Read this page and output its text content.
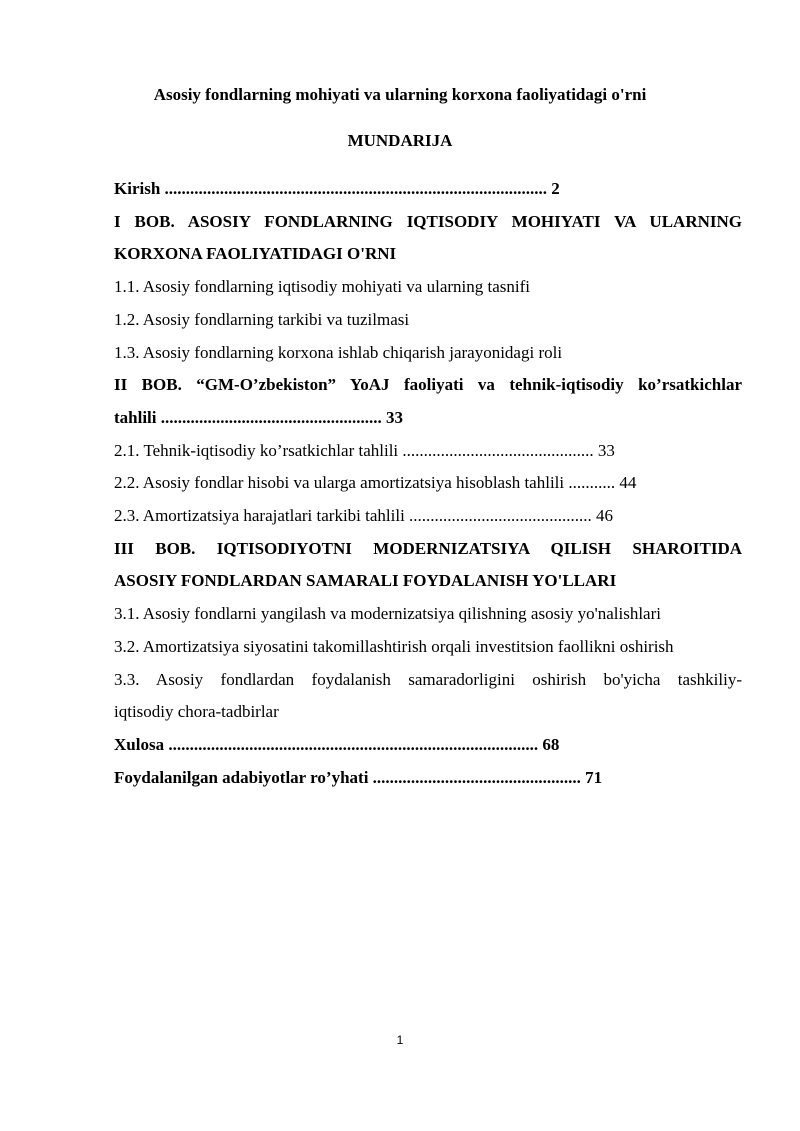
Asosiy fondlarning mohiyati va ularning korxona faoliyatidagi o'rni
MUNDARIJA

Kirish .......................................................................................... 2

I BOB. ASOSIY FONDLARNING IQTISODIY MOHIYATI VA ULARNING
KORXONA FAOLIYATIDAGI O'RNI

1.1. Asosiy fondlarning iqtisodiy mohiyati va ularning tasnifi

1.2. Asosiy fondlarning tarkibi va tuzilmasi

1.3. Asosiy fondlarning korxona ishlab chiqarish jarayonidagi roli

II BOB. “GM-O’zbekiston” YoAJ faoliyati va tehnik-iqtisodiy ko’rsatkichlar
tahlili .................................................... 33

2.1. Tehnik-iqtisodiy ko’rsatkichlar tahlili ............................................. 33

2.2. Asosiy fondlar hisobi va ularga amortizatsiya hisoblash tahlili ........... 44

2.3. Amortizatsiya harajatlari tarkibi tahlili ........................................... 46

III BOB. IQTISODIYOTNI MODERNIZATSIYA QILISH SHAROITIDA
ASOSIY FONDLARDAN SAMARALI FOYDALANISH YO'LLARI

3.1. Asosiy fondlarni yangilash va modernizatsiya qilishning asosiy yo'nalishlari

3.2. Amortizatsiya siyosatini takomillashtirish orqali investitsion faollikni oshirish

3.3. Asosiy fondlardan foydalanish samaradorligini oshirish bo'yicha tashkiliy-
iqtisodiy chora-tadbirlar

Xulosa ....................................................................................... 68

Foydalanilgan adabiyotlar ro’yhati ................................................. 71

1
